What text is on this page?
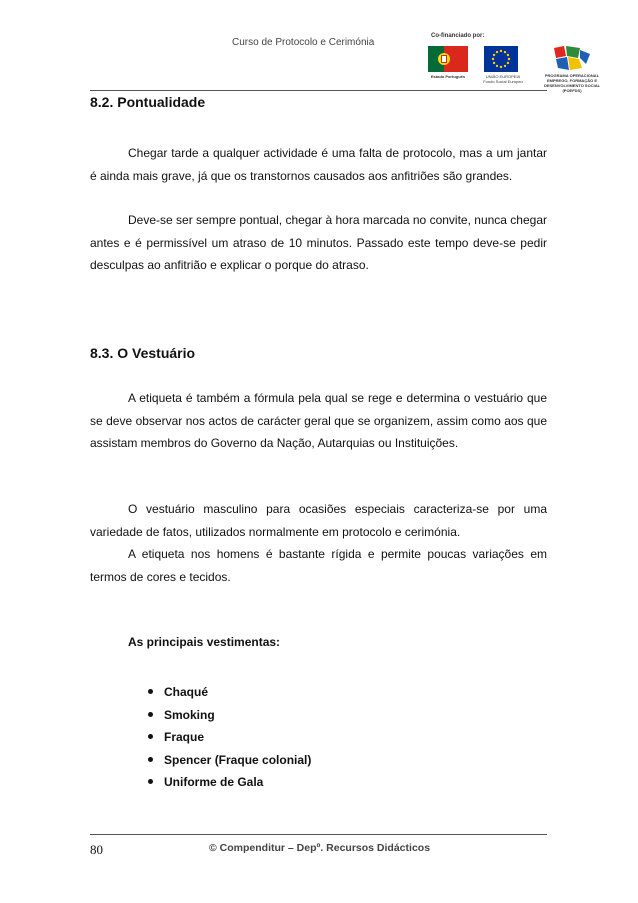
Curso de Protocolo e Cerimónia
Co-financiado por:
Estado Português	UNIÃO EUROPEIA
Fundo Social Europeu
PROGRAMA OPERACIONAL EMPREGO, FORMAÇÃO E DESENVOLVIMENTO SOCIAL
(POEFDS)
8.2. Pontualidade

Chegar tarde a qualquer actividade é uma falta de protocolo, mas a um jantar é ainda mais grave, já que os transtornos causados aos anfitriões são grandes.

Deve-se ser sempre pontual, chegar à hora marcada no convite, nunca chegar antes e é permissível um atraso de 10 minutos. Passado este tempo deve-se pedir desculpas ao anfitrião e explicar o porque do atraso.

8.3. O Vestuário

A etiqueta é também a fórmula pela qual se rege e determina o vestuário que se deve observar nos actos de carácter geral que se organizem, assim como aos que assistam membros do Governo da Nação, Autarquias ou Instituições.

O vestuário masculino para ocasiões especiais caracteriza-se por uma variedade de fatos, utilizados normalmente em protocolo e cerimónia.

A etiqueta nos homens é bastante rígida e permite poucas variações em termos de cores e tecidos.

As principais vestimentas:
Chaqué
Smoking
Fraque
Spencer (Fraque colonial)
Uniforme de Gala
80	© Compenditur – Depº. Recursos Didácticos
